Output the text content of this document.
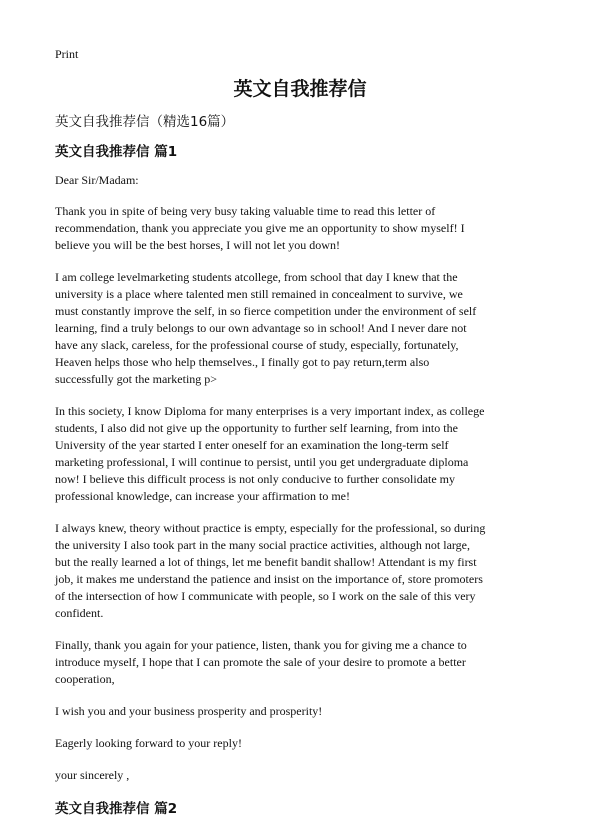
Print
英文自我推荐信
英文自我推荐信（精选16篇）
英文自我推荐信 篇1
Dear Sir/Madam:
Thank you in spite of being very busy taking valuable time to read this letter of
recommendation, thank you appreciate you give me an opportunity to show myself! I
believe you will be the best horses, I will not let you down!
I am college levelmarketing students atcollege, from school that day I knew that the
university is a place where talented men still remained in concealment to survive, we
must constantly improve the self, in so fierce competition under the environment of self
learning, find a truly belongs to our own advantage so in school! And I never dare not
have any slack, careless, for the professional course of study, especially, fortunately,
Heaven helps those who help themselves., I finally got to pay return,term also
successfully got the marketing p>
In this society, I know Diploma for many enterprises is a very important index, as college
students, I also did not give up the opportunity to further self learning, from into the
University of the year started I enter oneself for an examination the long-term self
marketing professional, I will continue to persist, until you get undergraduate diploma
now! I believe this difficult process is not only conducive to further consolidate my
professional knowledge, can increase your affirmation to me!
I always knew, theory without practice is empty, especially for the professional, so during
the university I also took part in the many social practice activities, although not large,
but the really learned a lot of things, let me benefit bandit shallow! Attendant is my first
job, it makes me understand the patience and insist on the importance of, store promoters
of the intersection of how I communicate with people, so I work on the sale of this very
confident.
Finally, thank you again for your patience, listen, thank you for giving me a chance to
introduce myself, I hope that I can promote the sale of your desire to promote a better
cooperation,
I wish you and your business prosperity and prosperity!
Eagerly looking forward to your reply!
your sincerely ,
英文自我推荐信 篇2
